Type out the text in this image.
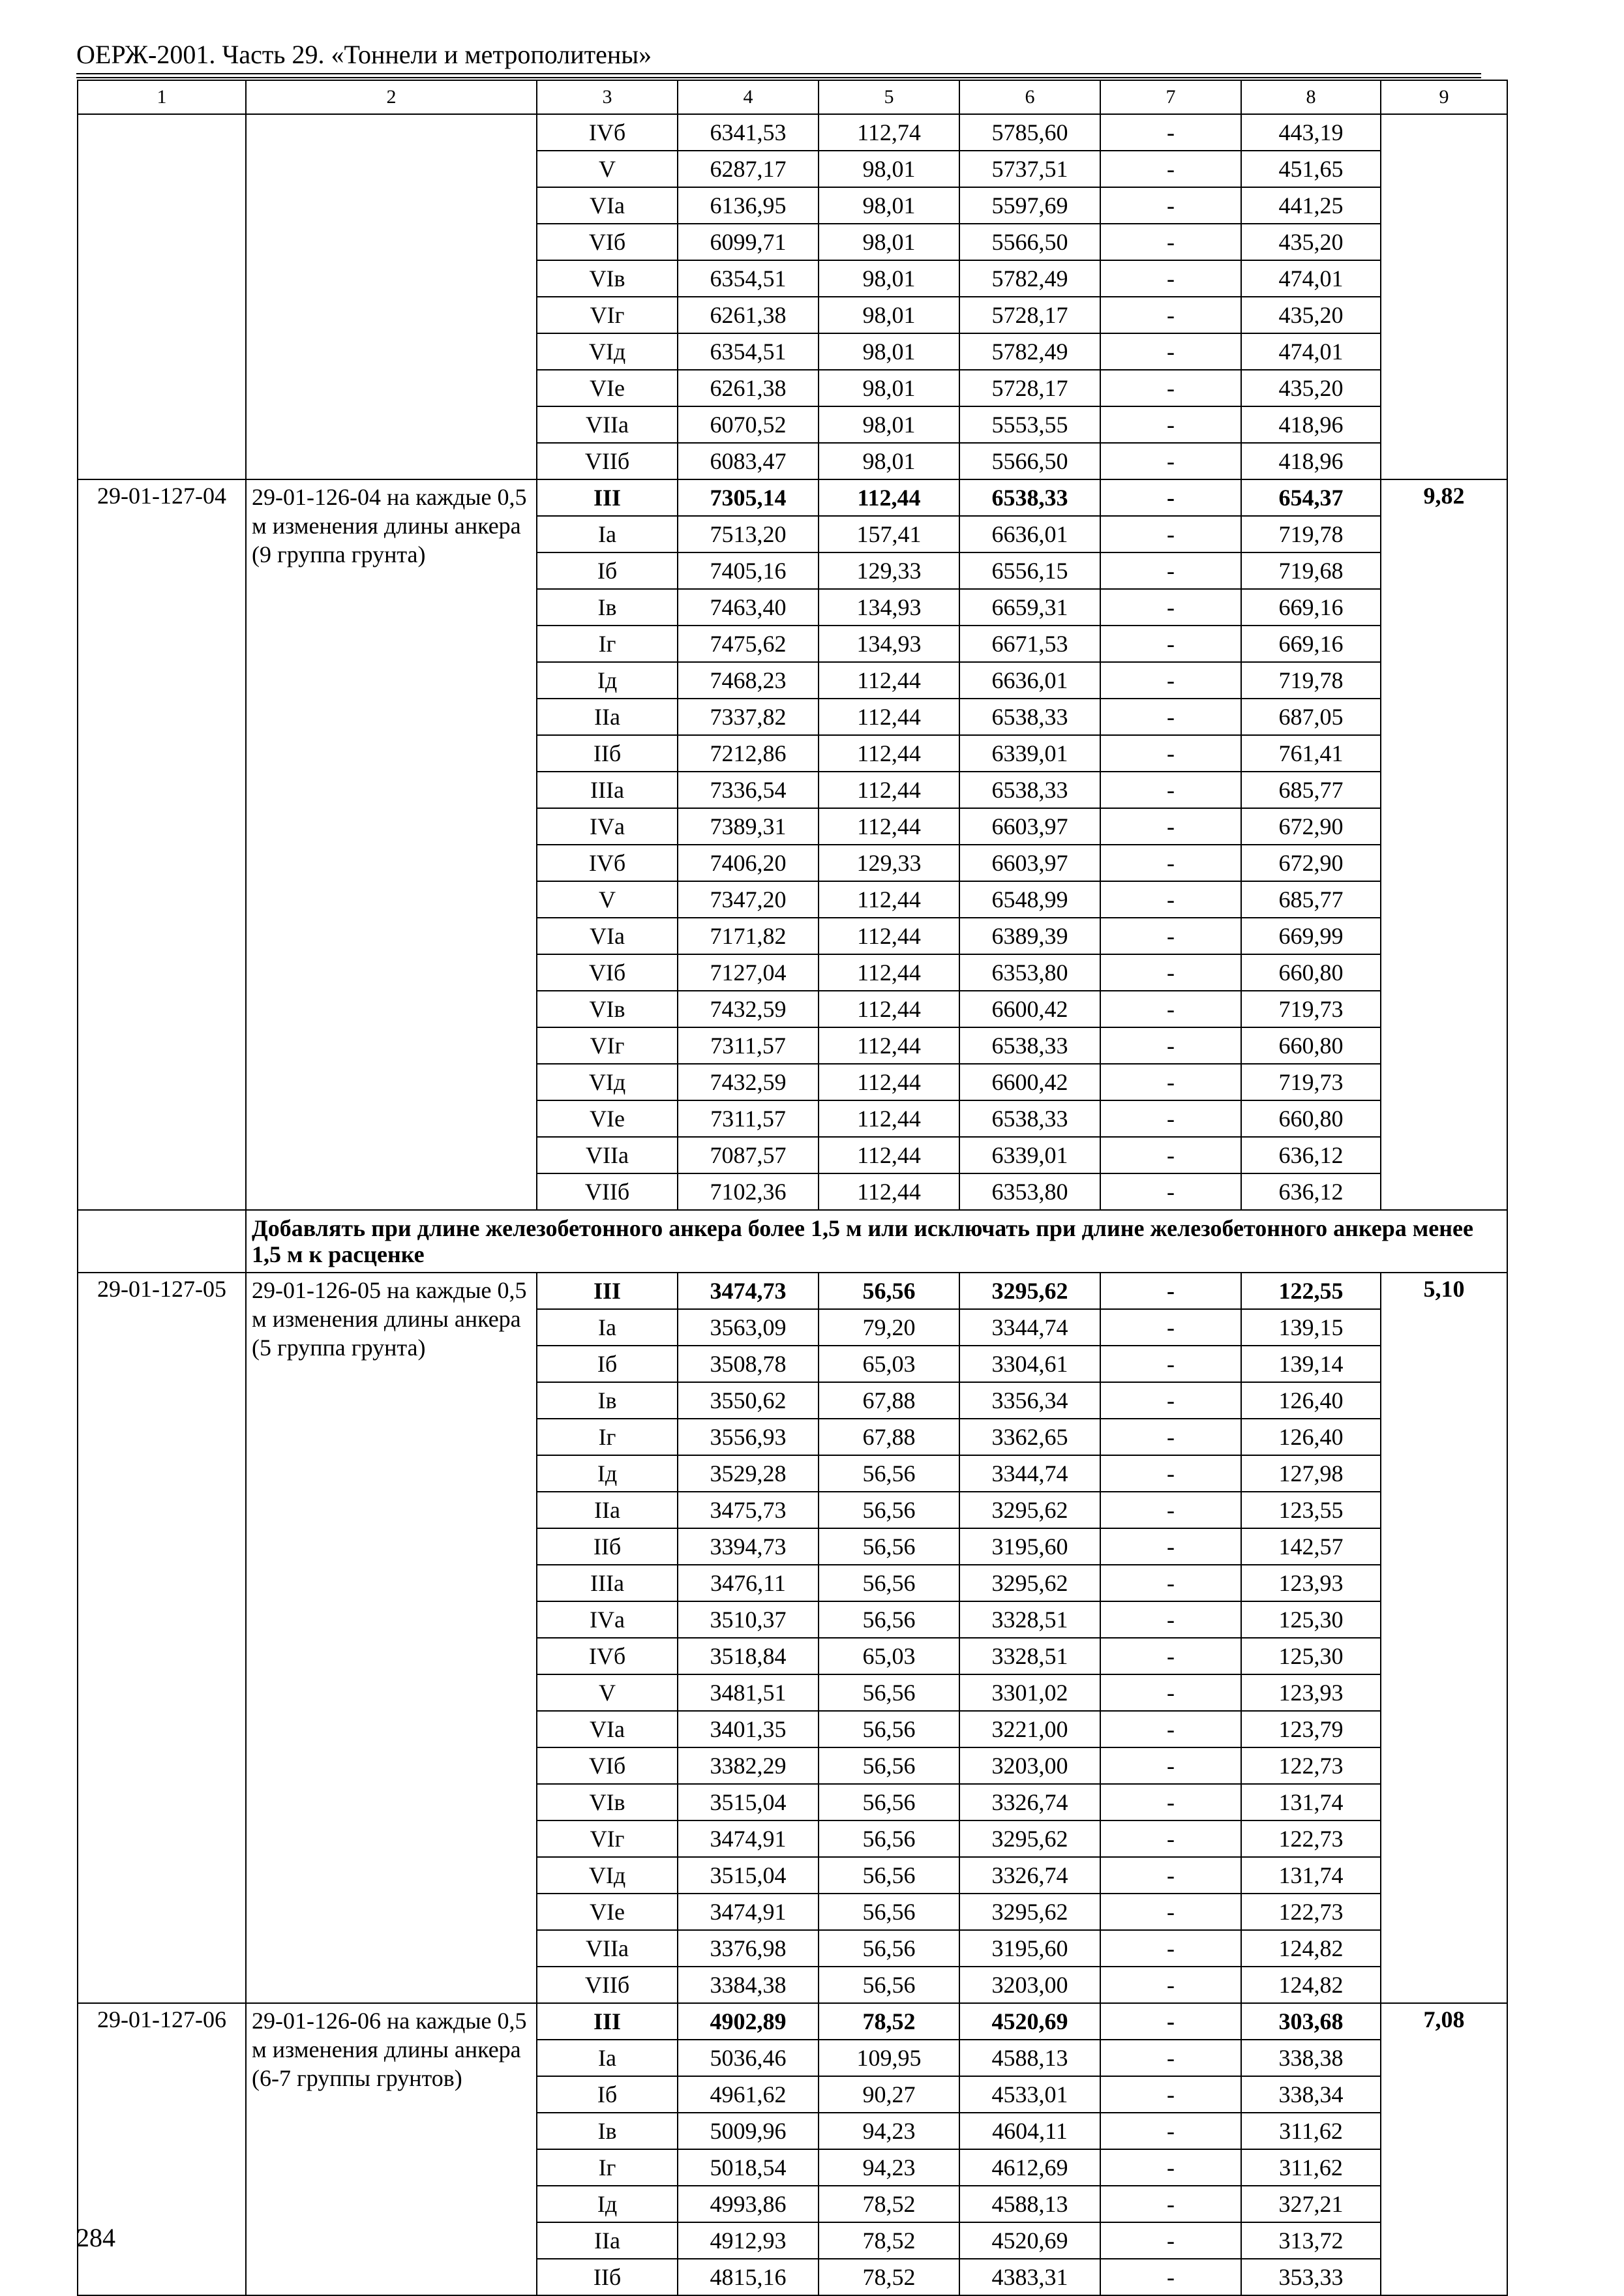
ОЕРЖ-2001. Часть 29. «Тоннели и метрополитены»
1	2	3	4	5	6	7	8	9
		IVб	6341,53	112,74	5785,60	-	443,19	
		V	6287,17	98,01	5737,51	-	451,65	
		VIа	6136,95	98,01	5597,69	-	441,25	
		VIб	6099,71	98,01	5566,50	-	435,20	
		VIв	6354,51	98,01	5782,49	-	474,01	
		VIг	6261,38	98,01	5728,17	-	435,20	
		VIд	6354,51	98,01	5782,49	-	474,01	
		VIе	6261,38	98,01	5728,17	-	435,20	
		VIIа	6070,52	98,01	5553,55	-	418,96	
		VIIб	6083,47	98,01	5566,50	-	418,96	
29-01-127-04	29-01-126-04 на каждые 0,5 м изменения длины анкера (9 группа грунта)	III	7305,14	112,44	6538,33	-	654,37	9,82
		Iа	7513,20	157,41	6636,01	-	719,78	
		Iб	7405,16	129,33	6556,15	-	719,68	
		Iв	7463,40	134,93	6659,31	-	669,16	
		Iг	7475,62	134,93	6671,53	-	669,16	
		Iд	7468,23	112,44	6636,01	-	719,78	
		IIа	7337,82	112,44	6538,33	-	687,05	
		IIб	7212,86	112,44	6339,01	-	761,41	
		IIIа	7336,54	112,44	6538,33	-	685,77	
		IVа	7389,31	112,44	6603,97	-	672,90	
		IVб	7406,20	129,33	6603,97	-	672,90	
		V	7347,20	112,44	6548,99	-	685,77	
		VIа	7171,82	112,44	6389,39	-	669,99	
		VIб	7127,04	112,44	6353,80	-	660,80	
		VIв	7432,59	112,44	6600,42	-	719,73	
		VIг	7311,57	112,44	6538,33	-	660,80	
		VIд	7432,59	112,44	6600,42	-	719,73	
		VIе	7311,57	112,44	6538,33	-	660,80	
		VIIа	7087,57	112,44	6339,01	-	636,12	
		VIIб	7102,36	112,44	6353,80	-	636,12	
	Добавлять при длине железобетонного анкера более 1,5 м или исключать при длине железобетонного анкера менее 1,5 м к расценке							
29-01-127-05	29-01-126-05 на каждые 0,5 м изменения длины анкера (5 группа грунта)	III	3474,73	56,56	3295,62	-	122,55	5,10
		Iа	3563,09	79,20	3344,74	-	139,15	
		Iб	3508,78	65,03	3304,61	-	139,14	
		Iв	3550,62	67,88	3356,34	-	126,40	
		Iг	3556,93	67,88	3362,65	-	126,40	
		Iд	3529,28	56,56	3344,74	-	127,98	
		IIа	3475,73	56,56	3295,62	-	123,55	
		IIб	3394,73	56,56	3195,60	-	142,57	
		IIIа	3476,11	56,56	3295,62	-	123,93	
		IVа	3510,37	56,56	3328,51	-	125,30	
		IVб	3518,84	65,03	3328,51	-	125,30	
		V	3481,51	56,56	3301,02	-	123,93	
		VIа	3401,35	56,56	3221,00	-	123,79	
		VIб	3382,29	56,56	3203,00	-	122,73	
		VIв	3515,04	56,56	3326,74	-	131,74	
		VIг	3474,91	56,56	3295,62	-	122,73	
		VIд	3515,04	56,56	3326,74	-	131,74	
		VIе	3474,91	56,56	3295,62	-	122,73	
		VIIа	3376,98	56,56	3195,60	-	124,82	
		VIIб	3384,38	56,56	3203,00	-	124,82	
29-01-127-06	29-01-126-06 на каждые 0,5 м изменения длины анкера (6-7 группы грунтов)	III	4902,89	78,52	4520,69	-	303,68	7,08
		Iа	5036,46	109,95	4588,13	-	338,38	
		Iб	4961,62	90,27	4533,01	-	338,34	
		Iв	5009,96	94,23	4604,11	-	311,62	
		Iг	5018,54	94,23	4612,69	-	311,62	
		Iд	4993,86	78,52	4588,13	-	327,21	
		IIа	4912,93	78,52	4520,69	-	313,72	
		IIб	4815,16	78,52	4383,31	-	353,33	
284
